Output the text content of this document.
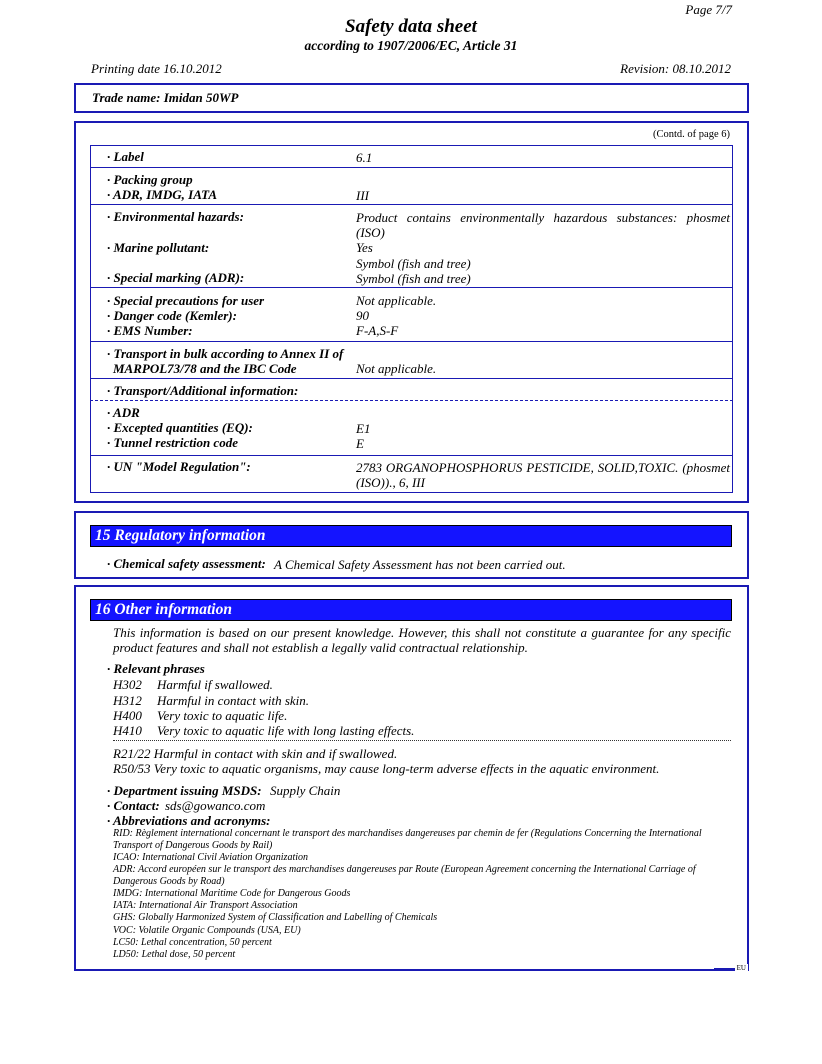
Page 7/7
Safety data sheet
according to 1907/2006/EC, Article 31
Printing date 16.10.2012	Revision: 08.10.2012
Trade name: Imidan 50WP
(Contd. of page 6)
· Label	6.1
· Packing group
· ADR, IMDG, IATA	III
· Environmental hazards:	Product contains environmentally hazardous substances: phosmet (ISO)
· Marine pollutant:	Yes
Symbol (fish and tree)
· Special marking (ADR):	Symbol (fish and tree)
· Special precautions for user	Not applicable.
· Danger code (Kemler):	90
· EMS Number:	F-A,S-F
· Transport in bulk according to Annex II of
MARPOL73/78 and the IBC Code	Not applicable.
· Transport/Additional information:
· ADR
· Excepted quantities (EQ):	E1
· Tunnel restriction code	E
· UN "Model Regulation":	2783 ORGANOPHOSPHORUS PESTICIDE, SOLID,TOXIC. (phosmet (ISO))., 6, III
15 Regulatory information
· Chemical safety assessment: A Chemical Safety Assessment has not been carried out.
16 Other information
This information is based on our present knowledge. However, this shall not constitute a guarantee for any specific product features and shall not establish a legally valid contractual relationship.
· Relevant phrases
H302 Harmful if swallowed.
H312 Harmful in contact with skin.
H400 Very toxic to aquatic life.
H410 Very toxic to aquatic life with long lasting effects.
R21/22 Harmful in contact with skin and if swallowed.
R50/53 Very toxic to aquatic organisms, may cause long-term adverse effects in the aquatic environment.
· Department issuing MSDS: Supply Chain
· Contact: sds@gowanco.com
· Abbreviations and acronyms:
RID: Règlement international concernant le transport des marchandises dangereuses par chemin de fer (Regulations Concerning the International Transport of Dangerous Goods by Rail)
ICAO: International Civil Aviation Organization
ADR: Accord européen sur le transport des marchandises dangereuses par Route (European Agreement concerning the International Carriage of Dangerous Goods by Road)
IMDG: International Maritime Code for Dangerous Goods
IATA: International Air Transport Association
GHS: Globally Harmonized System of Classification and Labelling of Chemicals
VOC: Volatile Organic Compounds (USA, EU)
LC50: Lethal concentration, 50 percent
LD50: Lethal dose, 50 percent
EU
